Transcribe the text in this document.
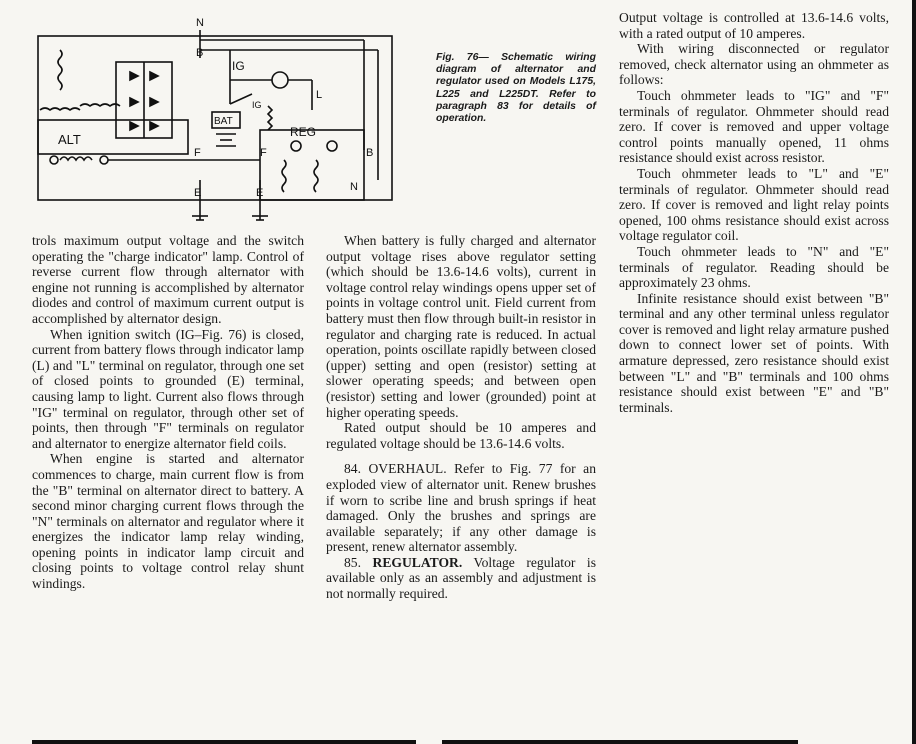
N
B
IG
IG
BAT
ALT	REG
L
F	F
E	E
B
N
Fig. 76— Schematic wiring diagram of alternator and regulator used on Models L175, L225 and L225DT. Refer to paragraph 83 for details of operation.

trols maximum output voltage and the switch operating the "charge indicator" lamp. Control of reverse current flow through alternator with engine not running is accomplished by alternator diodes and control of maximum current output is accomplished by alternator design.

When ignition switch (IG–Fig. 76) is closed, current from battery flows through indicator lamp (L) and "L" terminal on regulator, through one set of closed points to grounded (E) terminal, causing lamp to light. Current also flows through "IG" terminal on regulator, through other set of points, then through "F" terminals on regulator and alternator to energize alternator field coils.

When engine is started and alternator commences to charge, main current flow is from the "B" terminal on alternator direct to battery. A second minor charging current flows through the "N" terminals on alternator and regulator where it energizes the indicator lamp relay winding, opening points in indicator lamp circuit and closing points to voltage control relay shunt windings.

When battery is fully charged and alternator output voltage rises above regulator setting (which should be 13.6-14.6 volts), current in voltage control relay windings opens upper set of points in voltage control unit. Field current from battery must then flow through built-in resistor in regulator and charging rate is reduced. In actual operation, points oscillate rapidly between closed (upper) setting and open (resistor) setting at slower operating speeds; and between open (resistor) setting and lower (grounded) point at higher operating speeds.

Rated output should be 10 amperes and regulated voltage should be 13.6-14.6 volts.

84. OVERHAUL. Refer to Fig. 77 for an exploded view of alternator unit. Renew brushes if worn to scribe line and brush springs if heat damaged. Only the brushes and springs are available separately; if any other damage is present, renew alternator assembly.

85. REGULATOR. Voltage regulator is available only as an assembly and adjustment is not normally required.

Output voltage is controlled at 13.6-14.6 volts, with a rated output of 10 amperes.

With wiring disconnected or regulator removed, check alternator using an ohmmeter as follows:

Touch ohmmeter leads to "IG" and "F" terminals of regulator. Ohmmeter should read zero. If cover is removed and upper voltage control points manually opened, 11 ohms resistance should exist across resistor.

Touch ohmmeter leads to "L" and "E" terminals of regulator. Ohmmeter should read zero. If cover is removed and light relay points opened, 100 ohms resistance should exist across voltage regulator coil.

Touch ohmmeter leads to "N" and "E" terminals of regulator. Reading should be approximately 23 ohms.

Infinite resistance should exist between "B" terminal and any other terminal unless regulator cover is removed and light relay armature pushed down to connect lower set of points. With armature depressed, zero resistance should exist between "L" and "B" terminals and 100 ohms resistance should exist between "E" and "B" terminals.
